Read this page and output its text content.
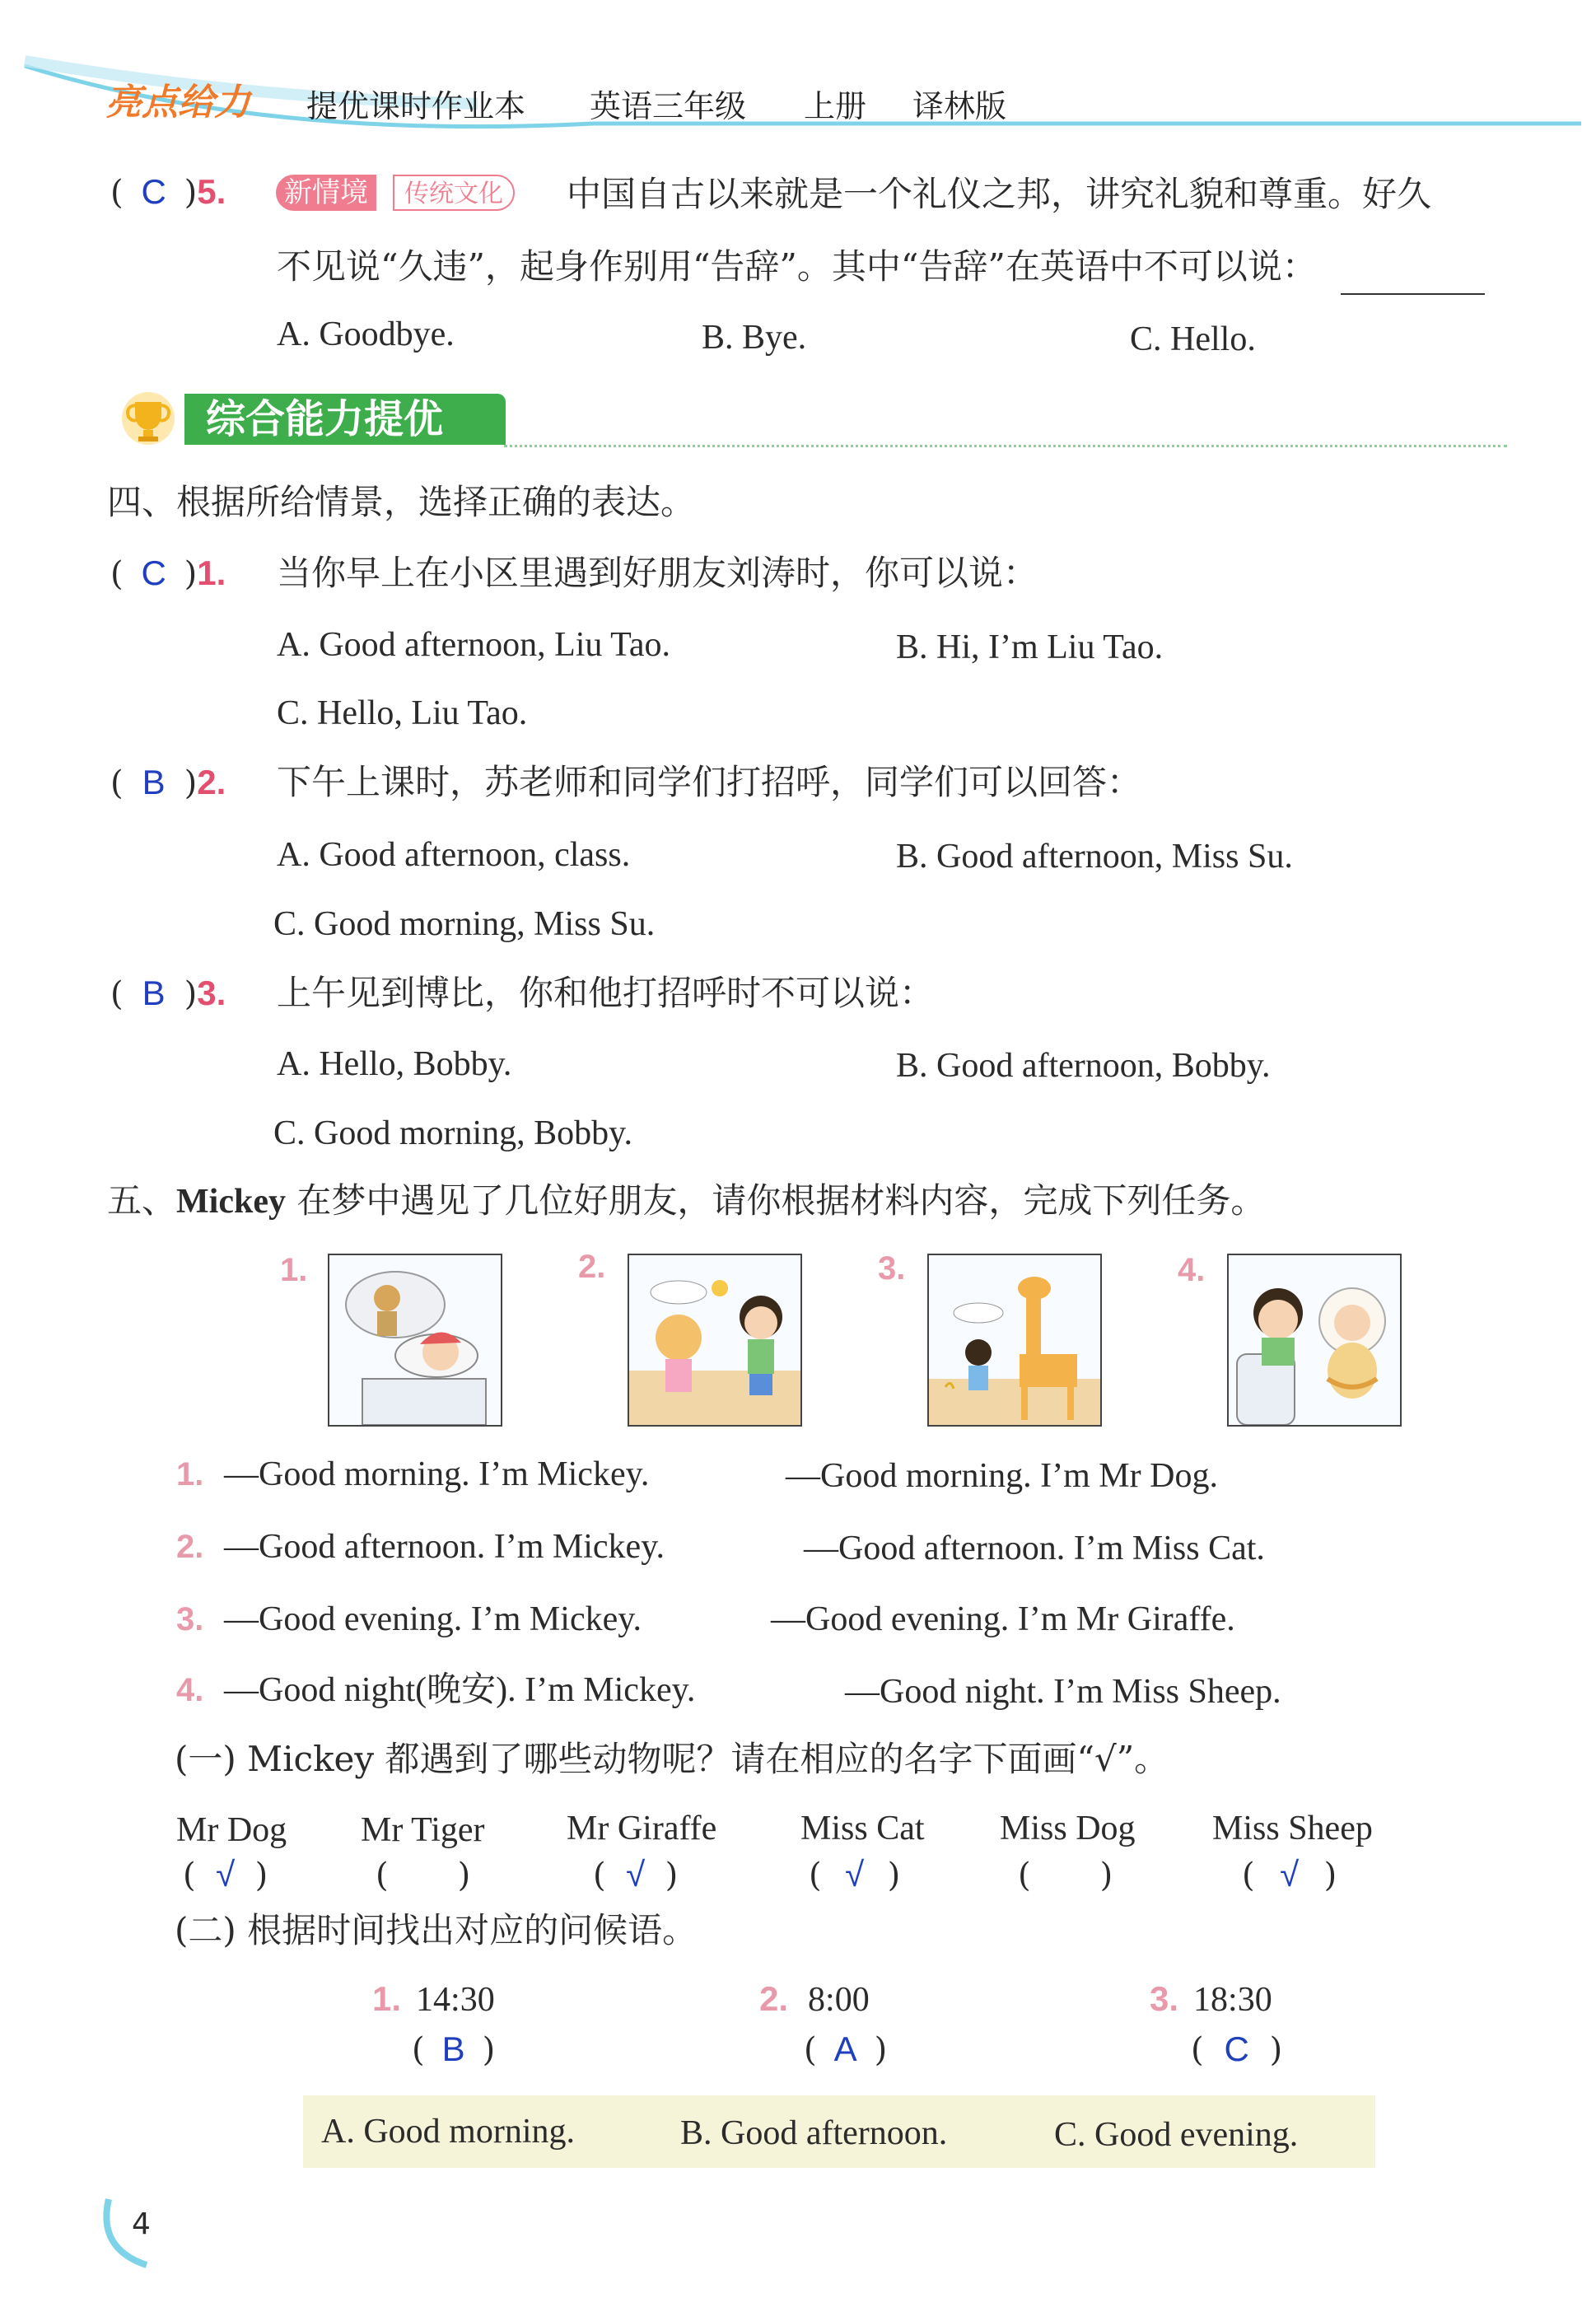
亮点给力 提优课时作业本 英语三年级 上册 译林版
( C )5. 新情境	传统文化	中国自古以来就是一个礼仪之邦，讲究礼貌和尊重。好久
不见说“久违”，起身作别用“告辞”。其中“告辞”在英语中不可以说：
A. Goodbye.	B. Bye.	C. Hello.
综合能力提优
四、根据所给情景，选择正确的表达。
( C )1. 当你早上在小区里遇到好朋友刘涛时，你可以说：
A. Good afternoon, Liu Tao.	B. Hi, I’m Liu Tao.
C. Hello, Liu Tao.
( B )2. 下午上课时，苏老师和同学们打招呼，同学们可以回答：
A. Good afternoon, class.	B. Good afternoon, Miss Su.
C. Good morning, Miss Su.
( B )3. 上午见到博比，你和他打招呼时不可以说：
A. Hello, Bobby.	B. Good afternoon, Bobby.
C. Good morning, Bobby.
五、Mickey 在梦中遇见了几位好朋友，请你根据材料内容，完成下列任务。
1.	2.	3.	4.
1. —Good morning. I’m Mickey.	—Good morning. I’m Mr Dog.
2. —Good afternoon. I’m Mickey.	—Good afternoon. I’m Miss Cat.
3. —Good evening. I’m Mickey.	—Good evening. I’m Mr Giraffe.
4. —Good night(晚安). I’m Mickey.	—Good night. I’m Miss Sheep.
(一) Mickey 都遇到了哪些动物呢？请在相应的名字下面画“√”。
Mr Dog	Mr Tiger	Mr Giraffe	Miss Cat	Miss Dog	Miss Sheep
( √ )	( )	( √ )	( √ )	( )	( √ )
(二) 根据时间找出对应的问候语。
1. 14:30
( B )
2. 8:00
( A )
3. 18:30
( C )
A. Good morning.	B. Good afternoon.	C. Good evening.
4
